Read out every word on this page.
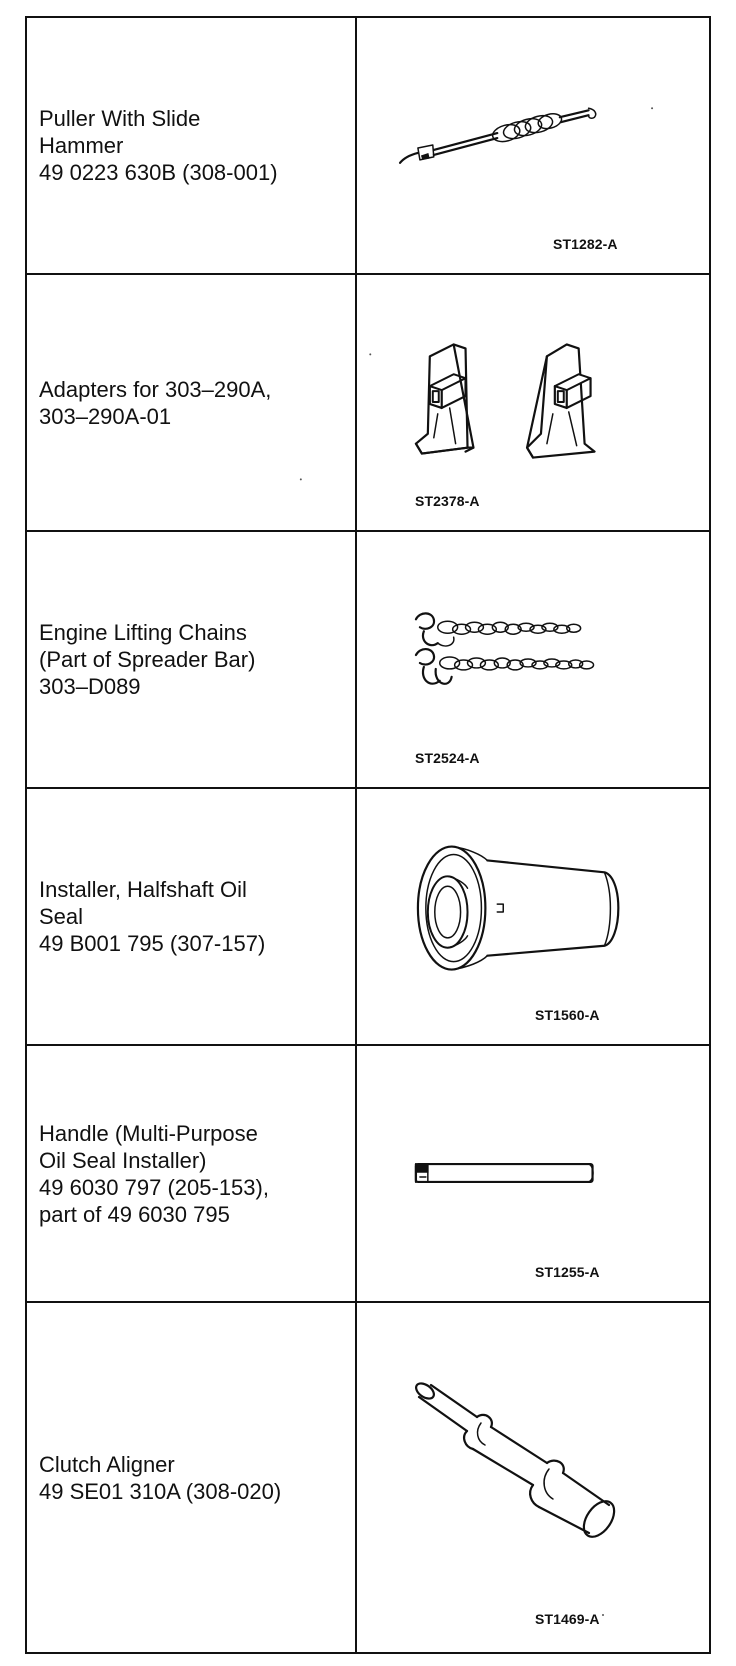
Puller With Slide
Hammer
49 0223 630B (308-001)
ST1282-A
Adapters for 303–290A,
303–290A-01
ST2378-A
Engine Lifting Chains
(Part of Spreader Bar)
303–D089
ST2524-A
Installer, Halfshaft Oil
Seal
49 B001 795 (307-157)
ST1560-A
Handle (Multi-Purpose
Oil Seal Installer)
49 6030 797 (205-153),
part of 49 6030 795
ST1255-A
Clutch Aligner
49 SE01 310A (308-020)
ST1469-A
